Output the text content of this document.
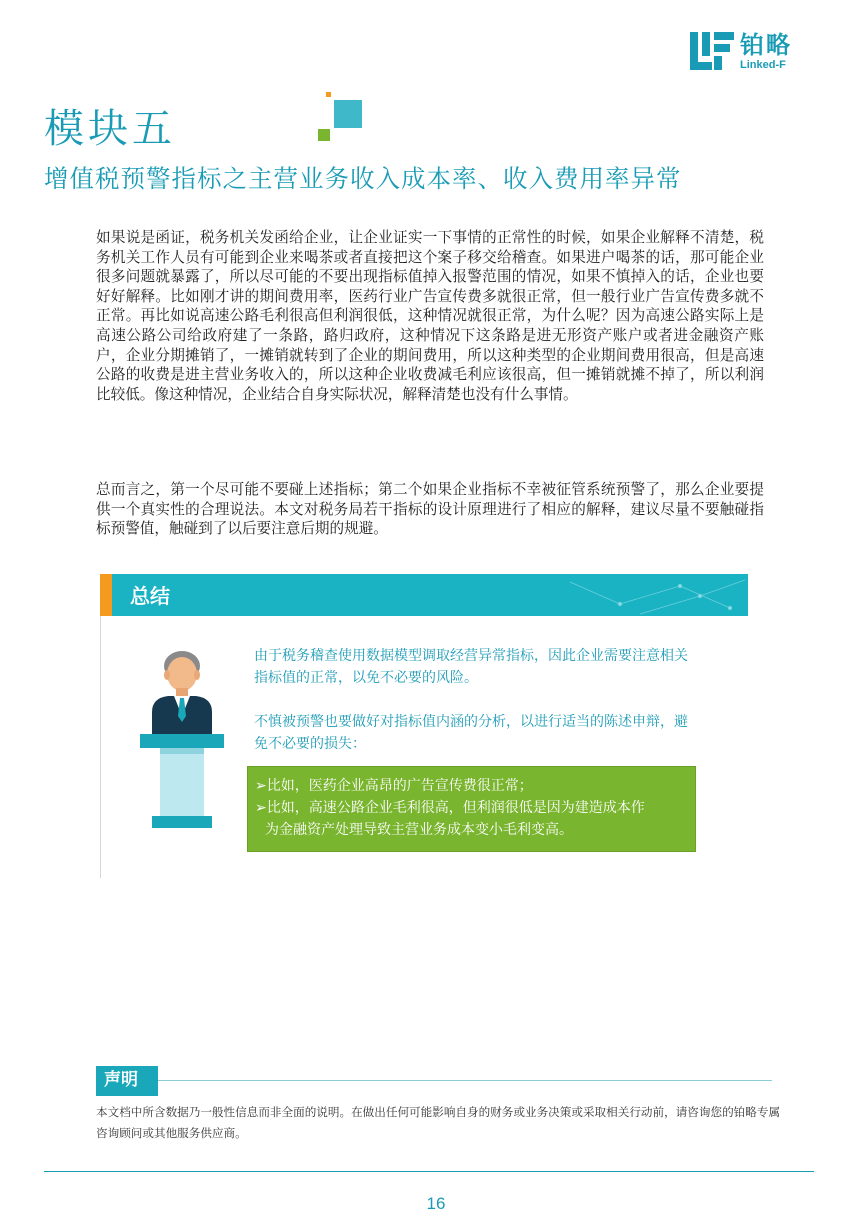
铂略
Linked-F
模块五
增值税预警指标之主营业务收入成本率、收入费用率异常

如果说是函证，税务机关发函给企业，让企业证实一下事情的正常性的时候，如果企业解释不清楚，税务机关工作人员有可能到企业来喝茶或者直接把这个案子移交给稽查。如果进户喝茶的话，那可能企业很多问题就暴露了，所以尽可能的不要出现指标值掉入报警范围的情况，如果不慎掉入的话，企业也要好好解释。比如刚才讲的期间费用率，医药行业广告宣传费多就很正常，但一般行业广告宣传费多就不正常。再比如说高速公路毛利很高但利润很低，这种情况就很正常，为什么呢？因为高速公路实际上是高速公路公司给政府建了一条路，路归政府，这种情况下这条路是进无形资产账户或者进金融资产账户，企业分期摊销了，一摊销就转到了企业的期间费用，所以这种类型的企业期间费用很高，但是高速公路的收费是进主营业务收入的，所以这种企业收费减毛利应该很高，但一摊销就摊不掉了，所以利润比较低。像这种情况，企业结合自身实际状况，解释清楚也没有什么事情。

总而言之，第一个尽可能不要碰上述指标；第二个如果企业指标不幸被征管系统预警了，那么企业要提供一个真实性的合理说法。本文对税务局若干指标的设计原理进行了相应的解释，建议尽量不要触碰指标预警值，触碰到了以后要注意后期的规避。

总结

由于税务稽查使用数据模型调取经营异常指标，因此企业需要注意相关指标值的正常，以免不必要的风险。

不慎被预警也要做好对指标值内涵的分析，以进行适当的陈述申辩，避免不必要的损失：

➢比如，医药企业高昂的广告宣传费很正常；
➢比如，高速公路企业毛利很高，但利润很低是因为建造成本作
为金融资产处理导致主营业务成本变小毛利变高。
声明

本文档中所含数据乃一般性信息而非全面的说明。在做出任何可能影响自身的财务或业务决策或采取相关行动前，请咨询您的铂略专属咨询顾问或其他服务供应商。

16
